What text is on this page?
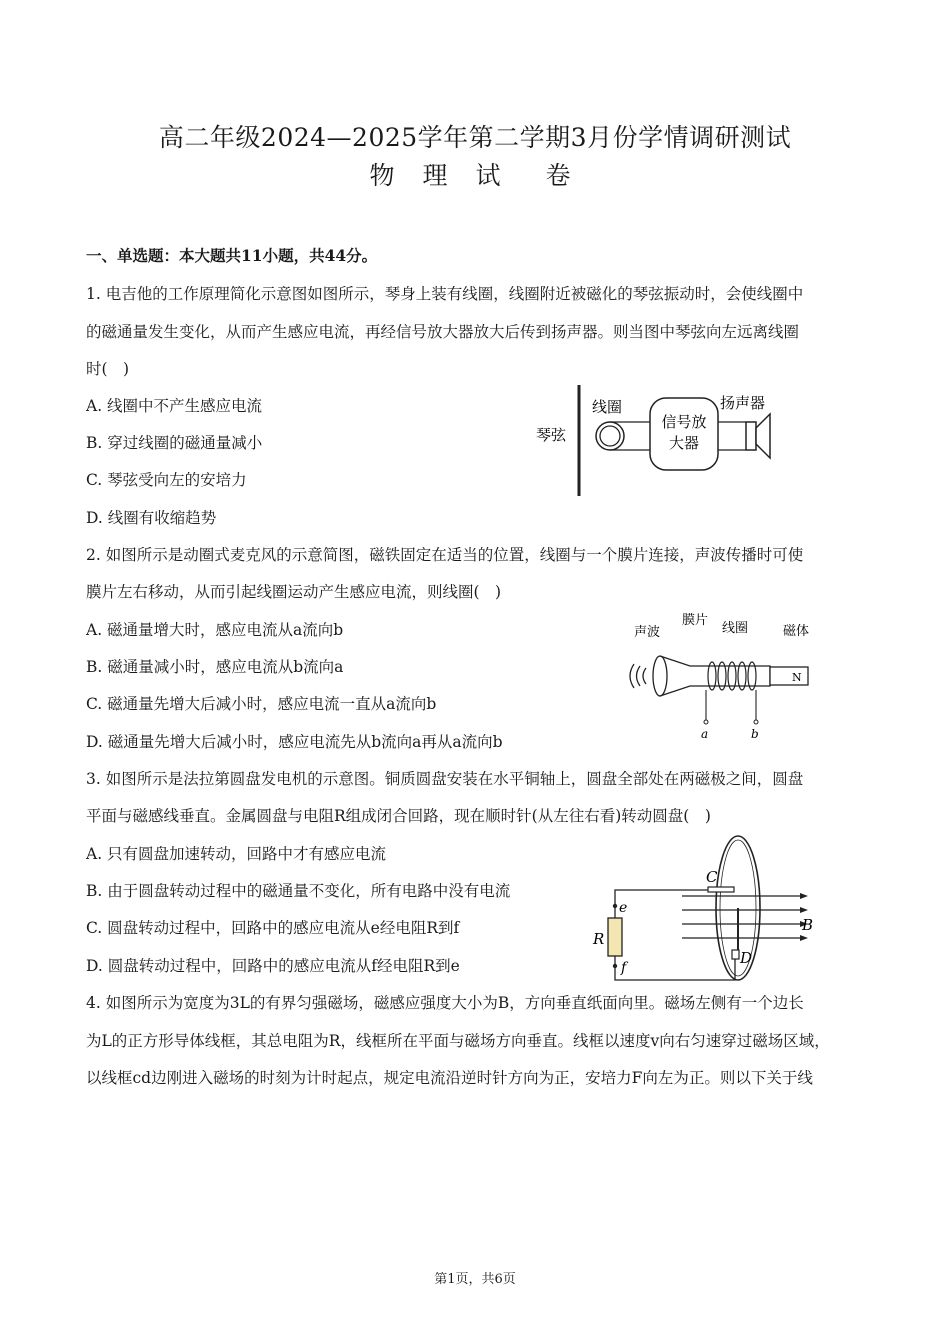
高二年级2024—2025学年第二学期3月份学情调研测试
物 理 试　卷
一、单选题：本大题共11小题，共44分。
1. 电吉他的工作原理简化示意图如图所示，琴身上装有线圈，线圈附近被磁化的琴弦振动时，会使线圈中
的磁通量发生变化，从而产生感应电流，再经信号放大器放大后传到扬声器。则当图中琴弦向左远离线圈
时(　)
A. 线圈中不产生感应电流
B. 穿过线圈的磁通量减小
C. 琴弦受向左的安培力
D. 线圈有收缩趋势
琴弦
线圈
信号放
大器
扬声器
2. 如图所示是动圈式麦克风的示意简图，磁铁固定在适当的位置，线圈与一个膜片连接，声波传播时可使
膜片左右移动，从而引起线圈运动产生感应电流，则线圈(　)
A. 磁通量增大时，感应电流从a流向b
B. 磁通量减小时，感应电流从b流向a
C. 磁通量先增大后减小时，感应电流一直从a流向b
D. 磁通量先增大后减小时，感应电流先从b流向a再从a流向b
声波
膜片
线圈	磁体
N
a	b
3. 如图所示是法拉第圆盘发电机的示意图。铜质圆盘安装在水平铜轴上，圆盘全部处在两磁极之间，圆盘
平面与磁感线垂直。金属圆盘与电阻R组成闭合回路，现在顺时针(从左往右看)转动圆盘(　)
A. 只有圆盘加速转动，回路中才有感应电流
B. 由于圆盘转动过程中的磁通量不变化，所有电路中没有电流
C. 圆盘转动过程中，回路中的感应电流从e经电阻R到f
D. 圆盘转动过程中，回路中的感应电流从f经电阻R到e
B
C
D
R
e
f
4. 如图所示为宽度为3L的有界匀强磁场，磁感应强度大小为B，方向垂直纸面向里。磁场左侧有一个边长
为L的正方形导体线框，其总电阻为R，线框所在平面与磁场方向垂直。线框以速度v向右匀速穿过磁场区域，
以线框cd边刚进入磁场的时刻为计时起点，规定电流沿逆时针方向为正，安培力F向左为正。则以下关于线
第1页，共6页
